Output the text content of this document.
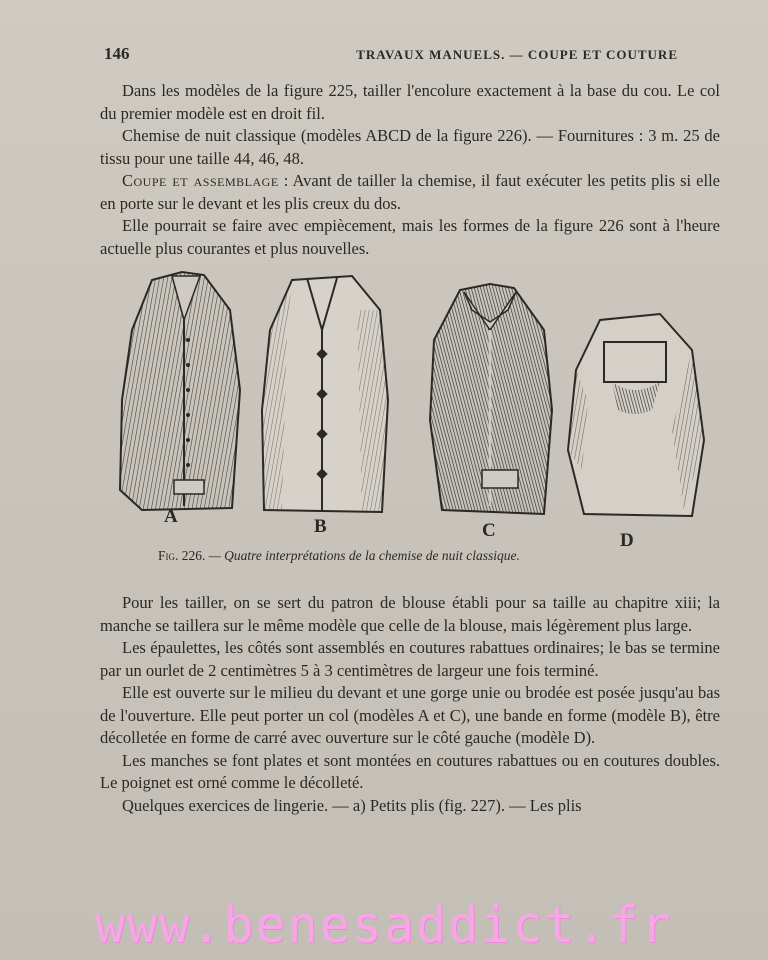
146	TRAVAUX MANUELS. — COUPE ET COUTURE

Dans les modèles de la figure 225, tailler l'encolure exactement à la base du cou. Le col du premier modèle est en droit fil.

Chemise de nuit classique (modèles ABCD de la figure 226). — Fournitures : 3 m. 25 de tissu pour une taille 44, 46, 48.

Coupe et assemblage : Avant de tailler la chemise, il faut exécuter les petits plis si elle en porte sur le devant et les plis creux du dos.

Elle pourrait se faire avec empiècement, mais les formes de la figure 226 sont à l'heure actuelle plus courantes et plus nouvelles.

A	B	C	D
Fig. 226. — Quatre interprétations de la chemise de nuit classique.

Pour les tailler, on se sert du patron de blouse établi pour sa taille au chapitre xiii; la manche se taillera sur le même modèle que celle de la blouse, mais légèrement plus large.

Les épaulettes, les côtés sont assemblés en coutures rabattues ordinaires; le bas se termine par un ourlet de 2 centimètres 5 à 3 centimètres de largeur une fois terminé.

Elle est ouverte sur le milieu du devant et une gorge unie ou brodée est posée jusqu'au bas de l'ouverture. Elle peut porter un col (modèles A et C), une bande en forme (modèle B), être décolletée en forme de carré avec ouverture sur le côté gauche (modèle D).

Les manches se font plates et sont montées en coutures rabattues ou en coutures doubles. Le poignet est orné comme le décolleté.

Quelques exercices de lingerie. — a) Petits plis (fig. 227). — Les plis

www.benesaddict.fr
